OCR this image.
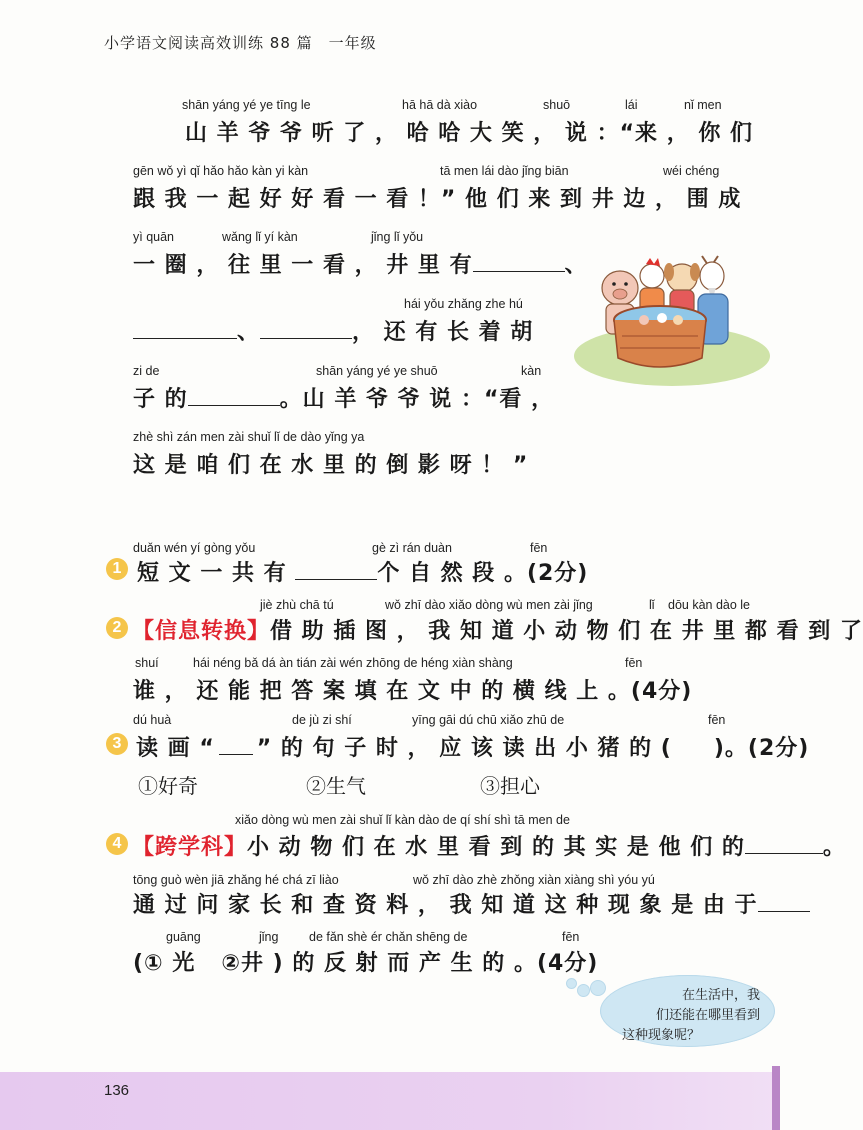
小学语文阅读高效训练 88 篇　一年级
shān yáng yé ye tīng le	hā hā dà xiào	shuō	lái	nǐ men
山 羊 爷 爷 听 了 ， 哈 哈 大 笑 ， 说 ：“来 ， 你 们
gēn wǒ yì qǐ hǎo hǎo kàn yi kàn	tā men lái dào jǐng biān	wéi chéng
跟 我 一 起 好 好 看 一 看 ！” 他 们 来 到 井 边 ， 围 成
yì quān	wǎng lǐ yí kàn	jǐng lǐ yǒu
一 圈 ， 往 里 一 看 ， 井 里 有	、
hái yǒu zhǎng zhe hú
、	， 还 有 长 着 胡
zi de	shān yáng yé ye shuō	kàn
子 的	。山 羊 爷 爷 说 ：“看 ，
zhè shì zán men zài shuǐ lǐ de dào yǐng ya
这 是 咱 们 在 水 里 的 倒 影 呀 ！ ”
duǎn wén yí gòng yǒu	gè zì rán duàn	fēn
1 短 文 一 共 有	个 自 然 段 。(2分)
jiè zhù chā tú	wǒ zhī dào xiǎo dòng wù men zài jǐng	lǐ dōu kàn dào le
2 【信息转换】借 助 插 图 ， 我 知 道 小 动 物 们 在 井 里 都 看 到 了
shuí	hái néng bǎ dá àn tián zài wén zhōng de héng xiàn shàng	fēn
谁 ， 还 能 把 答 案 填 在 文 中 的 横 线 上 。(4分)
dú huà	de jù zi shí	yīng gāi dú chū xiǎo zhū de	fēn
3 读 画 “ ” 的 句 子 时 ， 应 该 读 出 小 猪 的 ( )。(2分)
①好奇	②生气	③担心
xiǎo dòng wù men zài shuǐ lǐ kàn dào de qí shí shì tā men de
4 【跨学科】小 动 物 们 在 水 里 看 到 的 其 实 是 他 们 的	。
tōng guò wèn jiā zhǎng hé chá zī liào	wǒ zhī dào zhè zhǒng xiàn xiàng shì yóu yú
通 过 问 家 长 和 查 资 料 ， 我 知 道 这 种 现 象 是 由 于
guāng	jǐng de fǎn shè ér chǎn shēng de	fēn
(① 光 ②井 ) 的 反 射 而 产 生 的 。(4分)
在生活中，我
们还能在哪里看到
这种现象呢？
136
